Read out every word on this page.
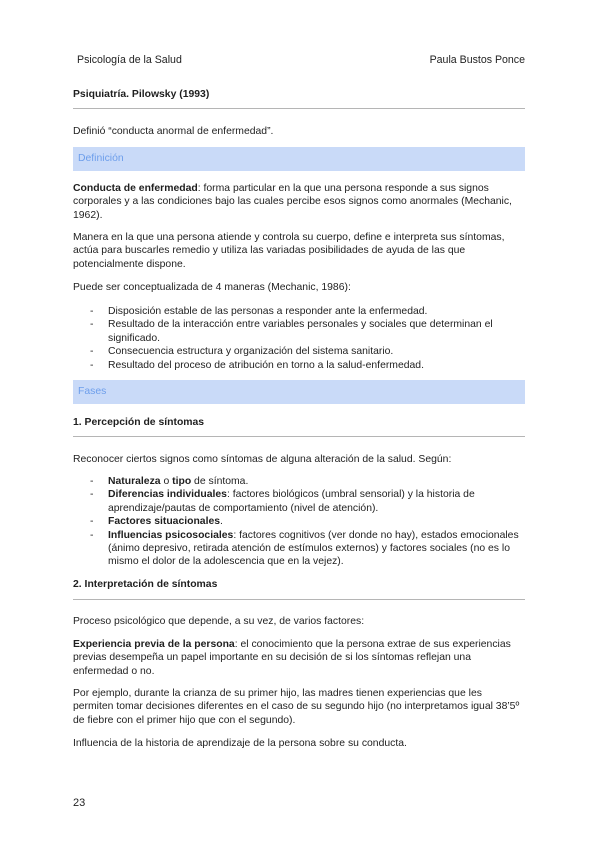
Psicología de la Salud	Paula Bustos Ponce
Psiquiatría. Pilowsky (1993)

Definió “conducta anormal de enfermedad”.

Definición

Conducta de enfermedad: forma particular en la que una persona responde a sus signos corporales y a las condiciones bajo las cuales percibe esos signos como anormales (Mechanic, 1962).

Manera en la que una persona atiende y controla su cuerpo, define e interpreta sus síntomas, actúa para buscarles remedio y utiliza las variadas posibilidades de ayuda de las que potencialmente dispone.

Puede ser conceptualizada de 4 maneras (Mechanic, 1986):

- Disposición estable de las personas a responder ante la enfermedad.
- Resultado de la interacción entre variables personales y sociales que determinan el significado.
- Consecuencia estructura y organización del sistema sanitario.
- Resultado del proceso de atribución en torno a la salud-enfermedad.
Fases
1. Percepción de síntomas

Reconocer ciertos signos como síntomas de alguna alteración de la salud. Según:

- Naturaleza o tipo de síntoma.
- Diferencias individuales: factores biológicos (umbral sensorial) y la historia de aprendizaje/pautas de comportamiento (nivel de atención).
- Factores situacionales.
- Influencias psicosociales: factores cognitivos (ver donde no hay), estados emocionales (ánimo depresivo, retirada atención de estímulos externos) y factores sociales (no es lo mismo el dolor de la adolescencia que en la vejez).
2. Interpretación de síntomas

Proceso psicológico que depende, a su vez, de varios factores:

Experiencia previa de la persona: el conocimiento que la persona extrae de sus experiencias previas desempeña un papel importante en su decisión de si los síntomas reflejan una enfermedad o no.

Por ejemplo, durante la crianza de su primer hijo, las madres tienen experiencias que les permiten tomar decisiones diferentes en el caso de su segundo hijo (no interpretamos igual 38’5º de fiebre con el primer hijo que con el segundo).

Influencia de la historia de aprendizaje de la persona sobre su conducta.

23
